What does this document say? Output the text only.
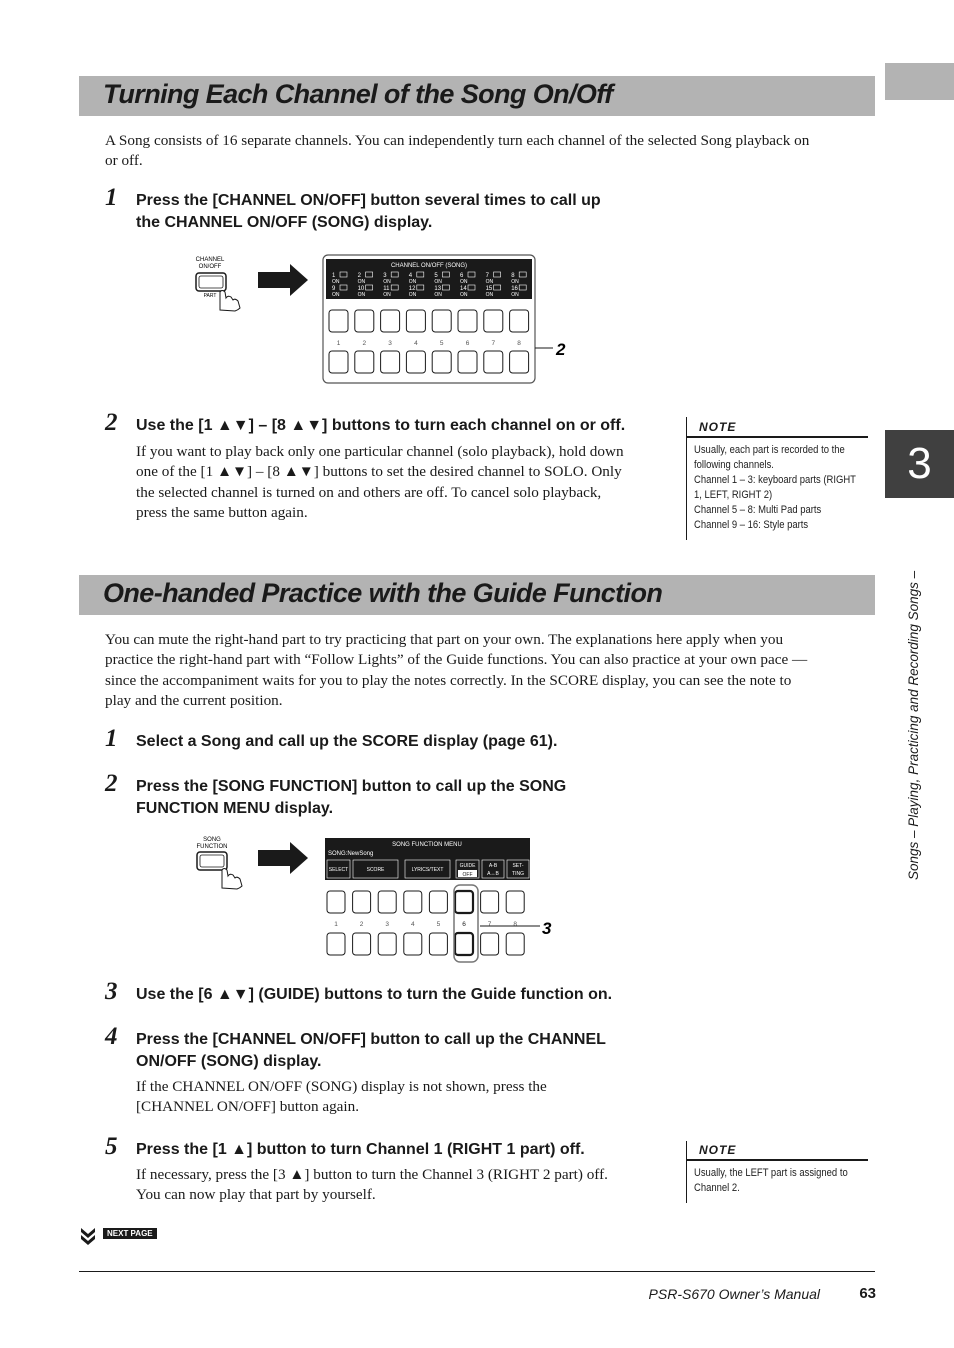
3
Songs – Playing, Practicing and Recording Songs –
Turning Each Channel of the Song On/Off
A Song consists of 16 separate channels. You can independently turn each channel of the selected Song playback on
or off.
1 Press the [CHANNEL ON/OFF] button several times to call up
the CHANNEL ON/OFF (SONG) display.
CHANNEL
ON/OFF
PART
CHANNEL ON/OFF (SONG)
1
ON
2
ON
3
ON
4
ON
5
ON
6
ON
7
ON
8
ON
9
ON
10
ON
11
ON
12
ON
13
ON
14
ON
15
ON
16
ON
1	2	3	4	5	6	7	8 2
2 Use the [1 ▲▼] – [8 ▲▼] buttons to turn each channel on or off.
If you want to play back only one particular channel (solo playback), hold down
one of the [1 ▲▼] – [8 ▲▼] buttons to set the desired channel to SOLO. Only
the selected channel is turned on and others are off. To cancel solo playback,
press the same button again.
NOTE
Usually, each part is recorded to the
following channels.
Channel 1 – 3: keyboard parts (RIGHT
1, LEFT, RIGHT 2)
Channel 5 – 8: Multi Pad parts
Channel 9 – 16: Style parts
One-handed Practice with the Guide Function
You can mute the right-hand part to try practicing that part on your own. The explanations here apply when you
practice the right-hand part with “Follow Lights” of the Guide functions. You can also practice at your own pace —
since the accompaniment waits for you to play the notes correctly. In the SCORE display, you can see the note to
play and the current position.
1 Select a Song and call up the SCORE display (page 61).
2 Press the [SONG FUNCTION] button to call up the SONG
FUNCTION MENU display.
SONG
FUNCTION	SONG FUNCTION MENU
SONG:NewSong
SELECT	SCORE	LYRICS/TEXT
GUIDE
OFF
A-B
A↔B
SET-
TING
1	2	3	4	5	6	7	8 3
3 Use the [6 ▲▼] (GUIDE) buttons to turn the Guide function on.
4 Press the [CHANNEL ON/OFF] button to call up the CHANNEL
ON/OFF (SONG) display.
If the CHANNEL ON/OFF (SONG) display is not shown, press the
[CHANNEL ON/OFF] button again.
5 Press the [1 ▲] button to turn Channel 1 (RIGHT 1 part) off.
If necessary, press the [3 ▲] button to turn the Channel 3 (RIGHT 2 part) off.
You can now play that part by yourself.
NOTE
Usually, the LEFT part is assigned to
Channel 2.
NEXT PAGE
PSR-S670 Owner’s Manual	63
